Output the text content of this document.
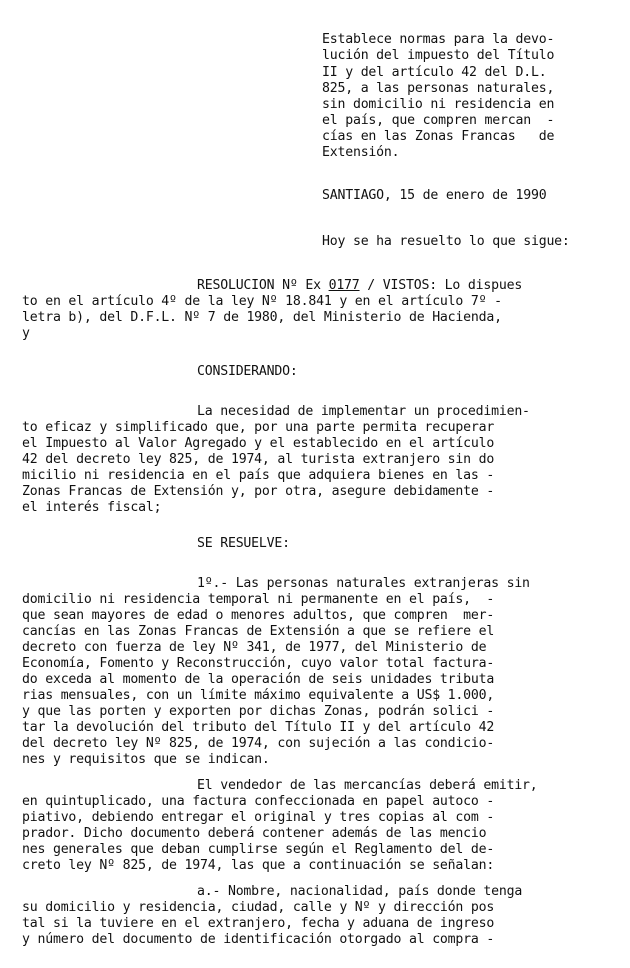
Establece normas para la devo-
lución del impuesto del Título
II y del artículo 42 del D.L.
825, a las personas naturales,
sin domicilio ni residencia en
el país, que compren mercan  -
cías en las Zonas Francas   de
Extensión.
SANTIAGO, 15 de enero de 1990
Hoy se ha resuelto lo que sigue:
RESOLUCION Nº Ex 0177 / VISTOS: Lo dispues
to en el artículo 4º de la ley Nº 18.841 y en el artículo 7º -
letra b), del D.F.L. Nº 7 de 1980, del Ministerio de Hacienda,
y
CONSIDERANDO:
La necesidad de implementar un procedimien-
to eficaz y simplificado que, por una parte permita recuperar
el Impuesto al Valor Agregado y el establecido en el artículo
42 del decreto ley 825, de 1974, al turista extranjero sin do
micilio ni residencia en el país que adquiera bienes en las -
Zonas Francas de Extensión y, por otra, asegure debidamente -
el interés fiscal;
SE RESUELVE:
1º.- Las personas naturales extranjeras sin
domicilio ni residencia temporal ni permanente en el país,  -
que sean mayores de edad o menores adultos, que compren  mer-
cancías en las Zonas Francas de Extensión a que se refiere el
decreto con fuerza de ley Nº 341, de 1977, del Ministerio de
Economía, Fomento y Reconstrucción, cuyo valor total factura-
do exceda al momento de la operación de seis unidades tributa
rias mensuales, con un límite máximo equivalente a US$ 1.000,
y que las porten y exporten por dichas Zonas, podrán solici -
tar la devolución del tributo del Título II y del artículo 42
del decreto ley Nº 825, de 1974, con sujeción a las condicio-
nes y requisitos que se indican.
El vendedor de las mercancías deberá emitir,
en quintuplicado, una factura confeccionada en papel autoco -
piativo, debiendo entregar el original y tres copias al com -
prador. Dicho documento deberá contener además de las mencio
nes generales que deban cumplirse según el Reglamento del de-
creto ley Nº 825, de 1974, las que a continuación se señalan:
a.- Nombre, nacionalidad, país donde tenga
su domicilio y residencia, ciudad, calle y Nº y dirección pos
tal si la tuviere en el extranjero, fecha y aduana de ingreso
y número del documento de identificación otorgado al compra -
